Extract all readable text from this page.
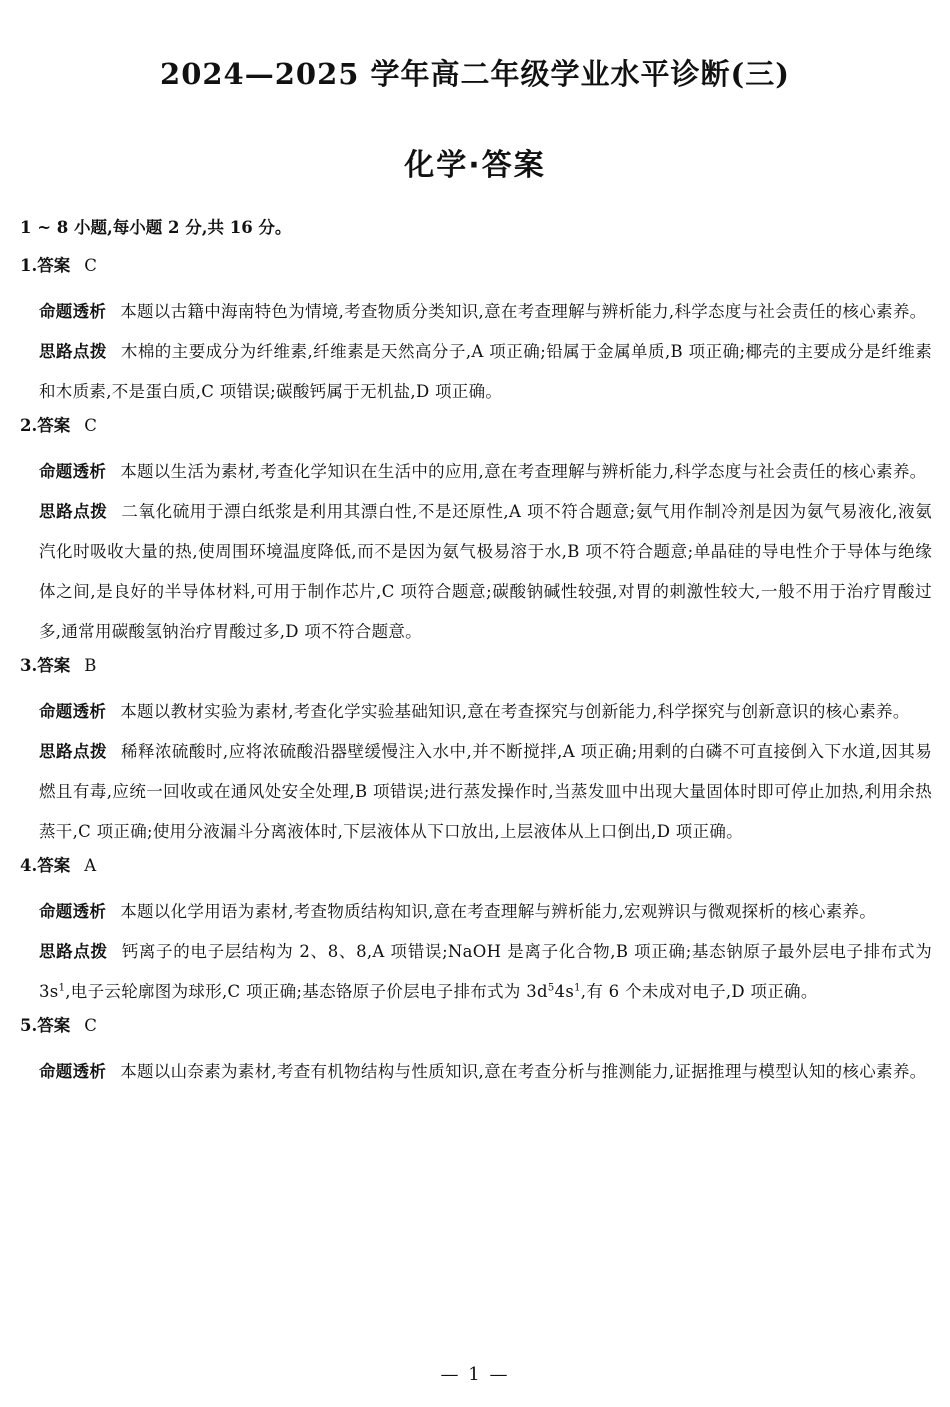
2024—2025 学年高二年级学业水平诊断(三)
化学·答案
1 ~ 8 小题,每小题 2 分,共 16 分。
1.答案 C
命题透析 本题以古籍中海南特色为情境,考查物质分类知识,意在考查理解与辨析能力,科学态度与社会责任的核心素养。
思路点拨 木棉的主要成分为纤维素,纤维素是天然高分子,A 项正确;铅属于金属单质,B 项正确;椰壳的主要成分是纤维素和木质素,不是蛋白质,C 项错误;碳酸钙属于无机盐,D 项正确。
2.答案 C
命题透析 本题以生活为素材,考查化学知识在生活中的应用,意在考查理解与辨析能力,科学态度与社会责任的核心素养。
思路点拨 二氧化硫用于漂白纸浆是利用其漂白性,不是还原性,A 项不符合题意;氨气用作制冷剂是因为氨气易液化,液氨汽化时吸收大量的热,使周围环境温度降低,而不是因为氨气极易溶于水,B 项不符合题意;单晶硅的导电性介于导体与绝缘体之间,是良好的半导体材料,可用于制作芯片,C 项符合题意;碳酸钠碱性较强,对胃的刺激性较大,一般不用于治疗胃酸过多,通常用碳酸氢钠治疗胃酸过多,D 项不符合题意。
3.答案 B
命题透析 本题以教材实验为素材,考查化学实验基础知识,意在考查探究与创新能力,科学探究与创新意识的核心素养。
思路点拨 稀释浓硫酸时,应将浓硫酸沿器壁缓慢注入水中,并不断搅拌,A 项正确;用剩的白磷不可直接倒入下水道,因其易燃且有毒,应统一回收或在通风处安全处理,B 项错误;进行蒸发操作时,当蒸发皿中出现大量固体时即可停止加热,利用余热蒸干,C 项正确;使用分液漏斗分离液体时,下层液体从下口放出,上层液体从上口倒出,D 项正确。
4.答案 A
命题透析 本题以化学用语为素材,考查物质结构知识,意在考查理解与辨析能力,宏观辨识与微观探析的核心素养。
思路点拨 钙离子的电子层结构为 2、8、8,A 项错误;NaOH 是离子化合物,B 项正确;基态钠原子最外层电子排布式为 $3s^1$,电子云轮廓图为球形,C 项正确;基态铬原子价层电子排布式为 $3d^54s^1$,有 6 个未成对电子,D 项正确。
5.答案 C
命题透析 本题以山奈素为素材,考查有机物结构与性质知识,意在考查分析与推测能力,证据推理与模型认知的核心素养。
— 1 —
